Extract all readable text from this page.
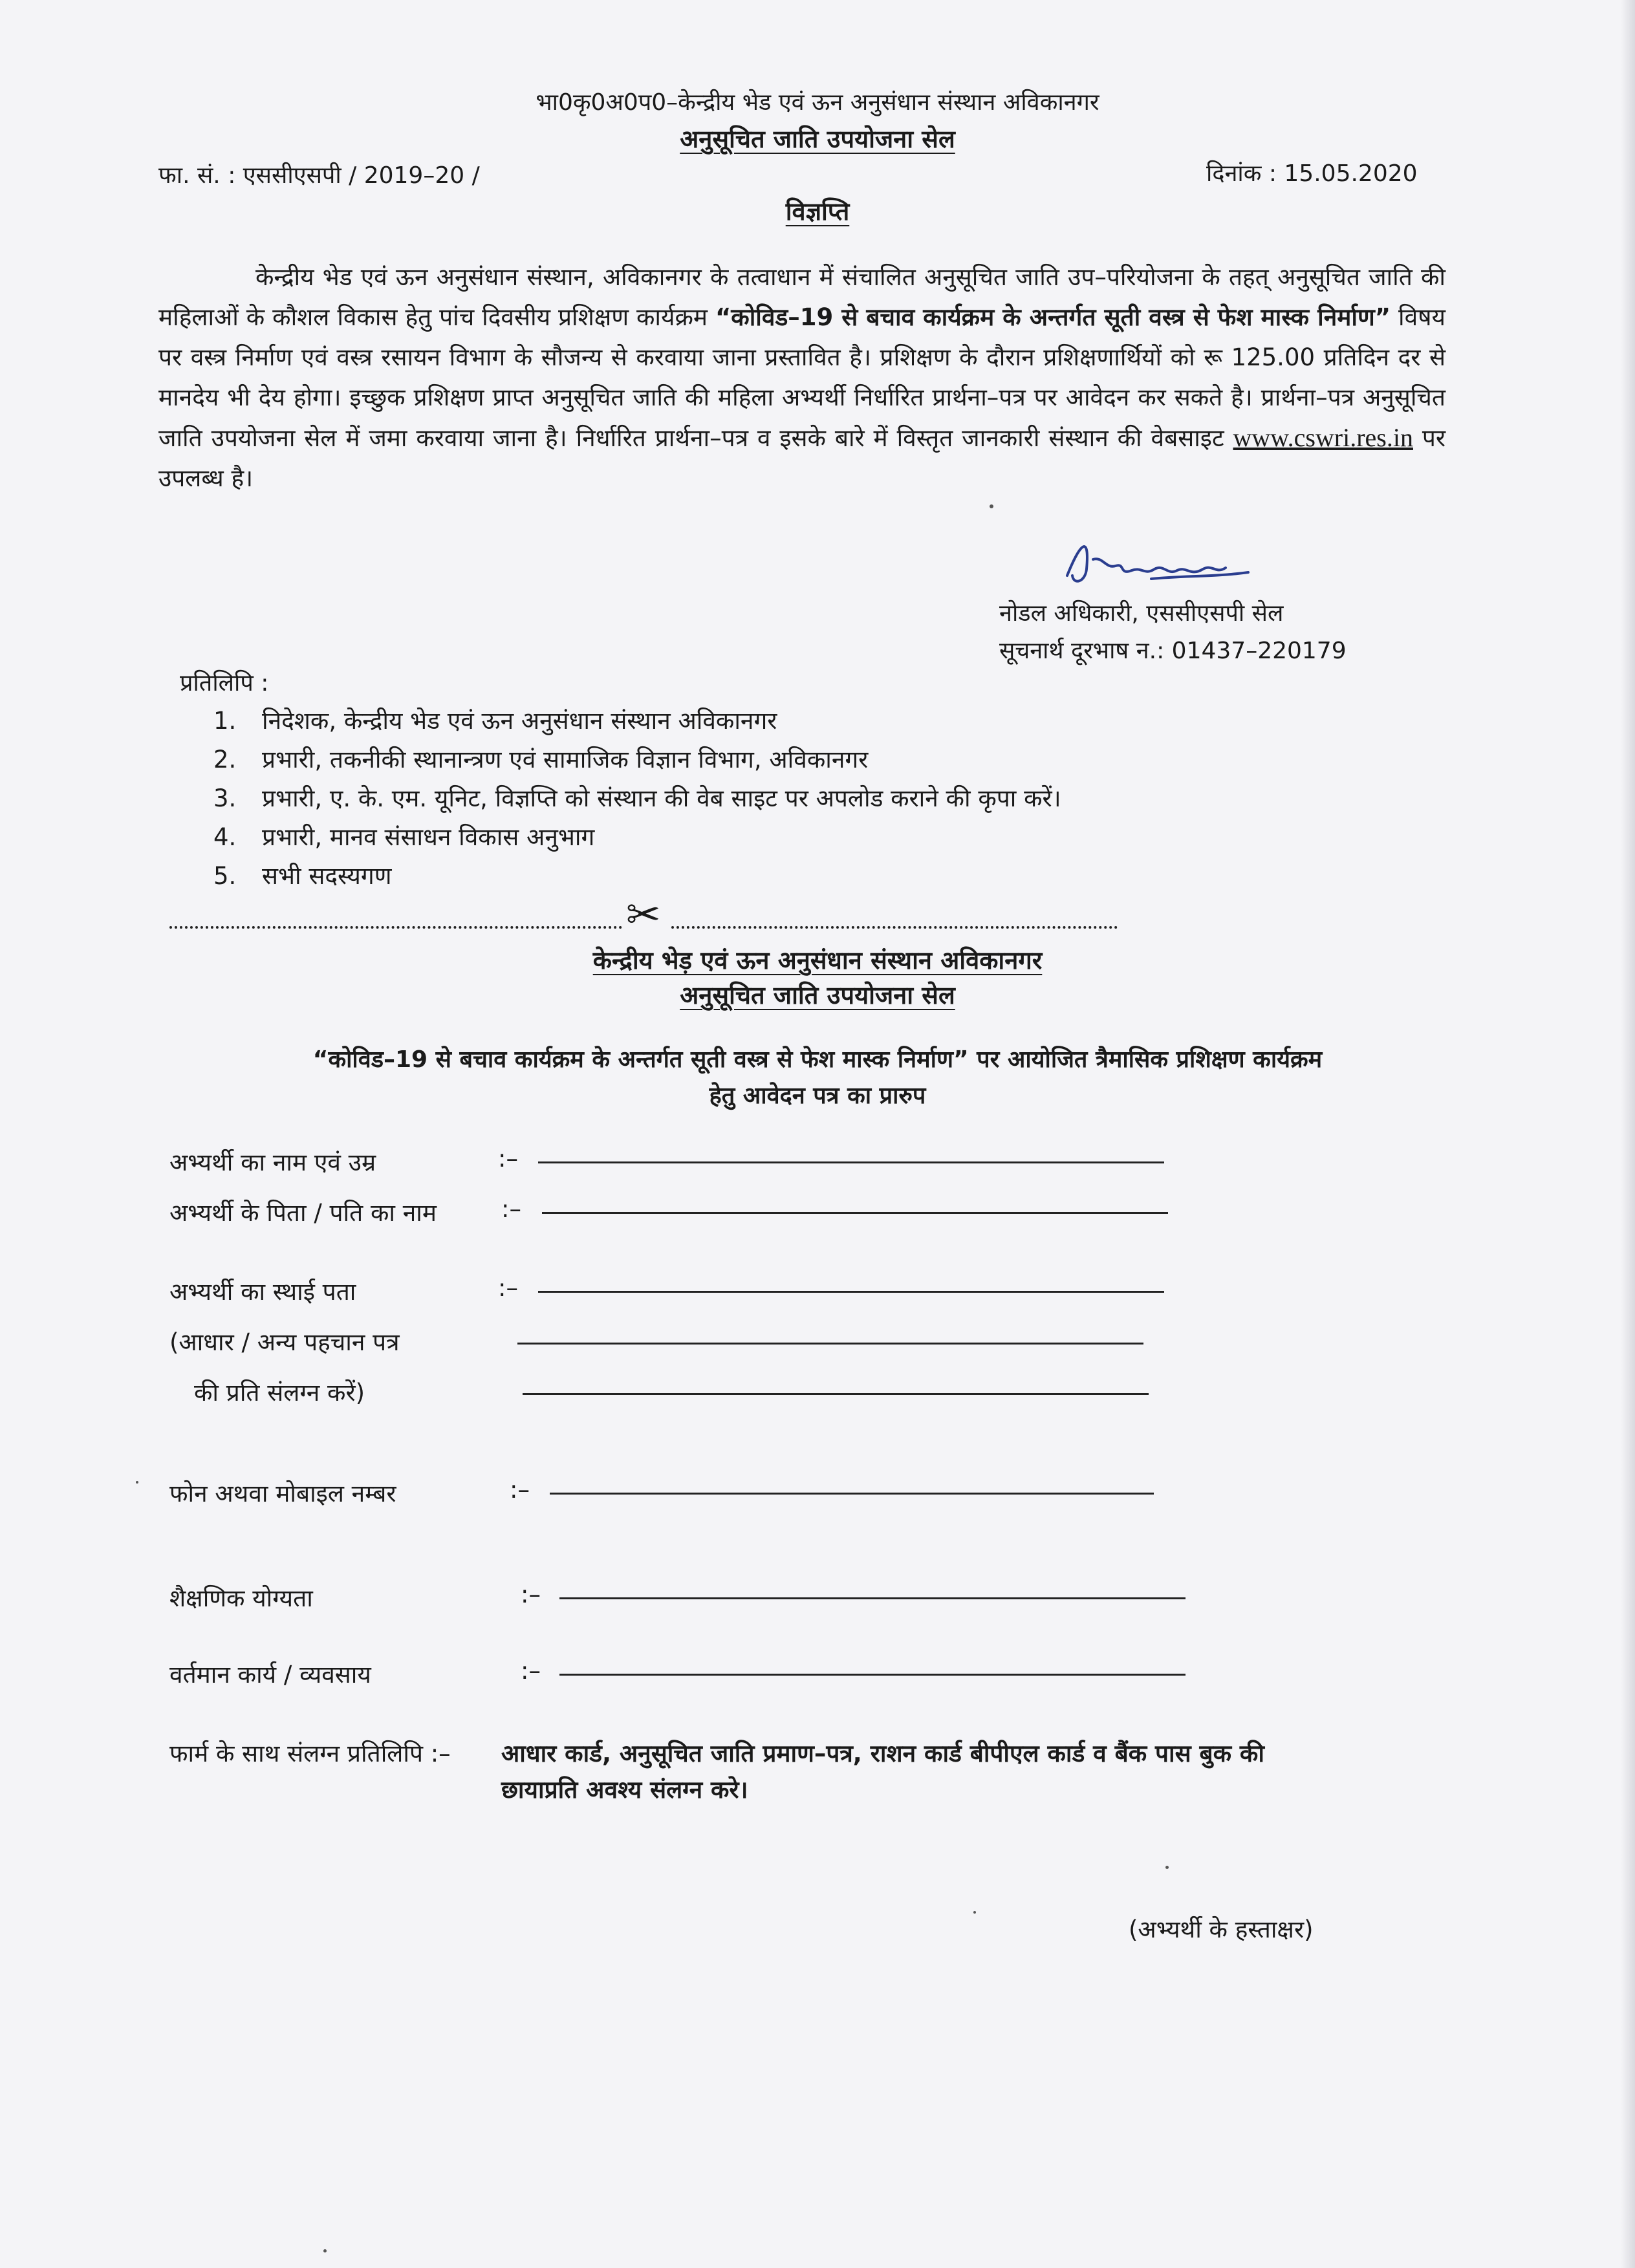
भा0कृ0अ0प0–केन्द्रीय भेड एवं ऊन अनुसंधान संस्थान अविकानगर
अनुसूचित जाति उपयोजना सेल
फा. सं. : एससीएसपी / 2019–20 /	दिनांक : 15.05.2020
विज्ञप्ति
केन्द्रीय भेड एवं ऊन अनुसंधान संस्थान, अविकानगर के तत्वाधान में संचालित अनुसूचित जाति उप–परियोजना के तहत् अनुसूचित जाति की महिलाओं के कौशल विकास हेतु पांच दिवसीय प्रशिक्षण कार्यक्रम “कोविड–19 से बचाव कार्यक्रम के अन्तर्गत सूती वस्त्र से फेश मास्क निर्माण” विषय पर वस्त्र निर्माण एवं वस्त्र रसायन विभाग के सौजन्य से करवाया जाना प्रस्तावित है। प्रशिक्षण के दौरान प्रशिक्षणार्थियों को रू 125.00 प्रतिदिन दर से मानदेय भी देय होगा। इच्छुक प्रशिक्षण प्राप्त अनुसूचित जाति की महिला अभ्यर्थी निर्धारित प्रार्थना–पत्र पर आवेदन कर सकते है। प्रार्थना–पत्र अनुसूचित जाति उपयोजना सेल में जमा करवाया जाना है। निर्धारित प्रार्थना–पत्र व इसके बारे में विस्तृत जानकारी संस्थान की वेबसाइट www.cswri.res.in पर उपलब्ध है।
नोडल अधिकारी, एससीएसपी सेल
सूचनार्थ दूरभाष न.: 01437–220179
प्रतिलिपि :
1.	निदेशक, केन्द्रीय भेड एवं ऊन अनुसंधान संस्थान अविकानगर
2.	प्रभारी, तकनीकी स्थानान्त्रण एवं सामाजिक विज्ञान विभाग, अविकानगर
3.	प्रभारी, ए. के. एम. यूनिट, विज्ञप्ति को संस्थान की वेब साइट पर अपलोड कराने की कृपा करें।
4.	प्रभारी, मानव संसाधन विकास अनुभाग
5.	सभी सदस्यगण
✂
केन्द्रीय भेड़ एवं ऊन अनुसंधान संस्थान अविकानगर
अनुसूचित जाति उपयोजना सेल
“कोविड–19 से बचाव कार्यक्रम के अन्तर्गत सूती वस्त्र से फेश मास्क निर्माण” पर आयोजित त्रैमासिक प्रशिक्षण कार्यक्रम
हेतु आवेदन पत्र का प्रारुप
अभ्यर्थी का नाम एवं उम्र	:–
अभ्यर्थी के पिता / पति का नाम	:–
अभ्यर्थी का स्थाई पता	:–
(आधार / अन्य पहचान पत्र
की प्रति संलग्न करें)
फोन अथवा मोबाइल नम्बर	:–
शैक्षणिक योग्यता	:–
वर्तमान कार्य / व्यवसाय	:–
फार्म के साथ संलग्न प्रतिलिपि :– आधार कार्ड, अनुसूचित जाति प्रमाण–पत्र, राशन कार्ड बीपीएल कार्ड व बैंक पास बुक की
छायाप्रति अवश्य संलग्न करे।
(अभ्यर्थी के हस्ताक्षर)
